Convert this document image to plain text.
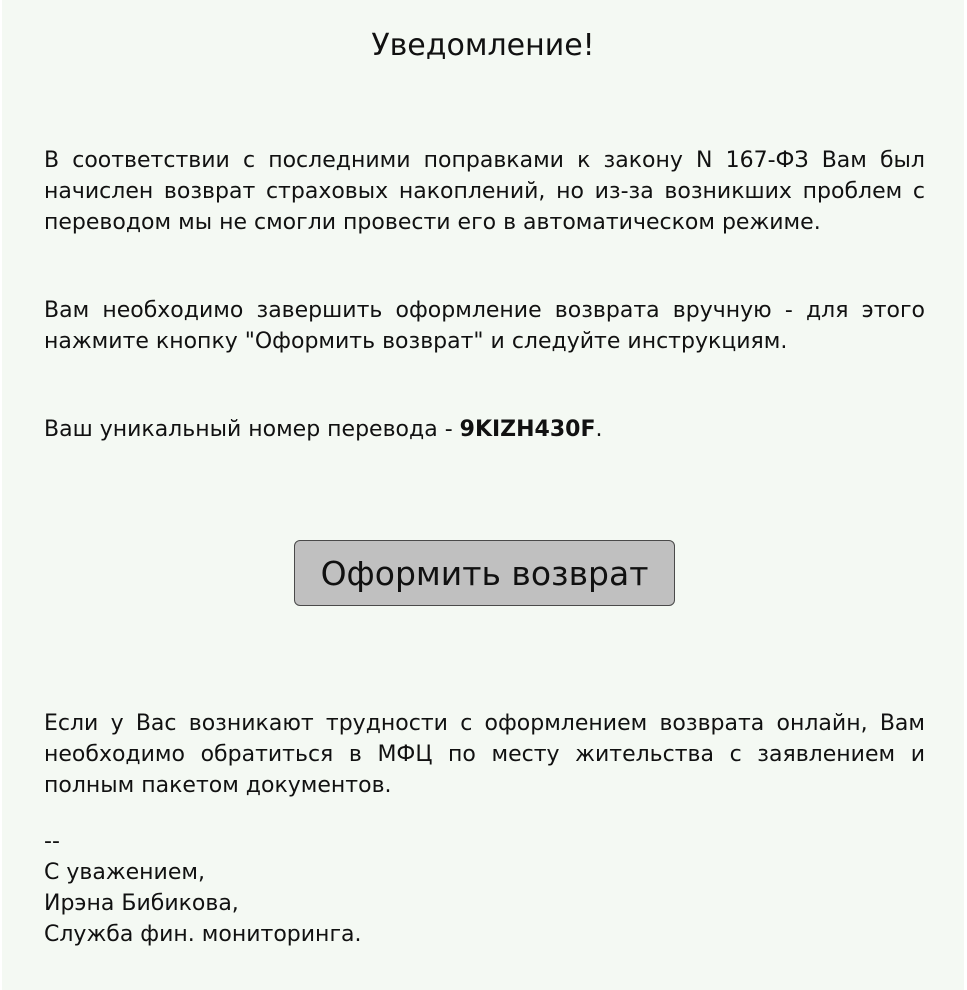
Уведомление!

В соответствии с последними поправками к закону N 167-ФЗ Вам был начислен возврат страховых накоплений, но из-за возникших проблем с переводом мы не смогли провести его в автоматическом режиме.

Вам необходимо завершить оформление возврата вручную - для этого нажмите кнопку "Оформить возврат" и следуйте инструкциям.

Ваш уникальный номер перевода - 9KIZH430F.

Оформить возврат

Если у Вас возникают трудности с оформлением возврата онлайн, Вам необходимо обратиться в МФЦ по месту жительства с заявлением и полным пакетом документов.

--
С уважением,
Ирэна Бибикова,
Служба фин. мониторинга.
